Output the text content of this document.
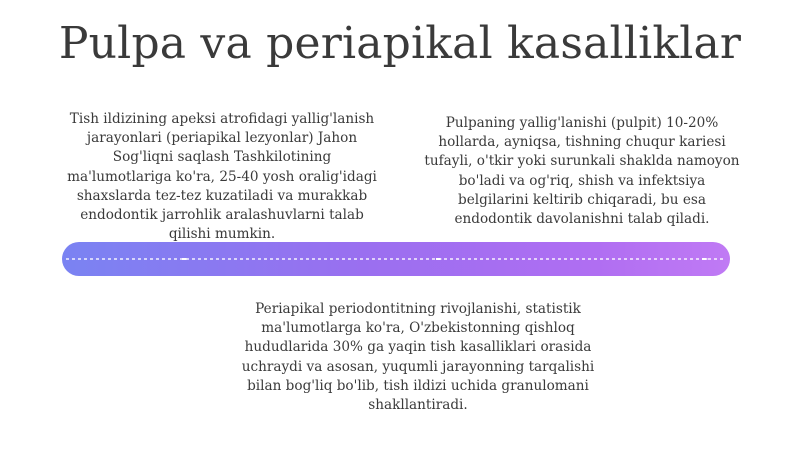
Pulpa va periapikal kasalliklar
Tish ildizining apeksi atrofidagi yallig'lanish jarayonlari (periapikal lezyonlar) Jahon Sog'liqni saqlash Tashkilotining ma'lumotlariga ko'ra, 25-40 yosh oralig'idagi shaxslarda tez-tez kuzatiladi va murakkab endodontik jarrohlik aralashuvlarni talab qilishi mumkin.
Pulpaning yallig'lanishi (pulpit) 10-20% hollarda, ayniqsa, tishning chuqur kariesi tufayli, o'tkir yoki surunkali shaklda namoyon bo'ladi va og'riq, shish va infektsiya belgilarini keltirib chiqaradi, bu esa endodontik davolanishni talab qiladi.
Periapikal periodontitning rivojlanishi, statistik ma'lumotlarga ko'ra, O'zbekistonning qishloq hududlarida 30% ga yaqin tish kasalliklari orasida uchraydi va asosan, yuqumli jarayonning tarqalishi bilan bog'liq bo'lib, tish ildizi uchida granulomani shakllantiradi.
